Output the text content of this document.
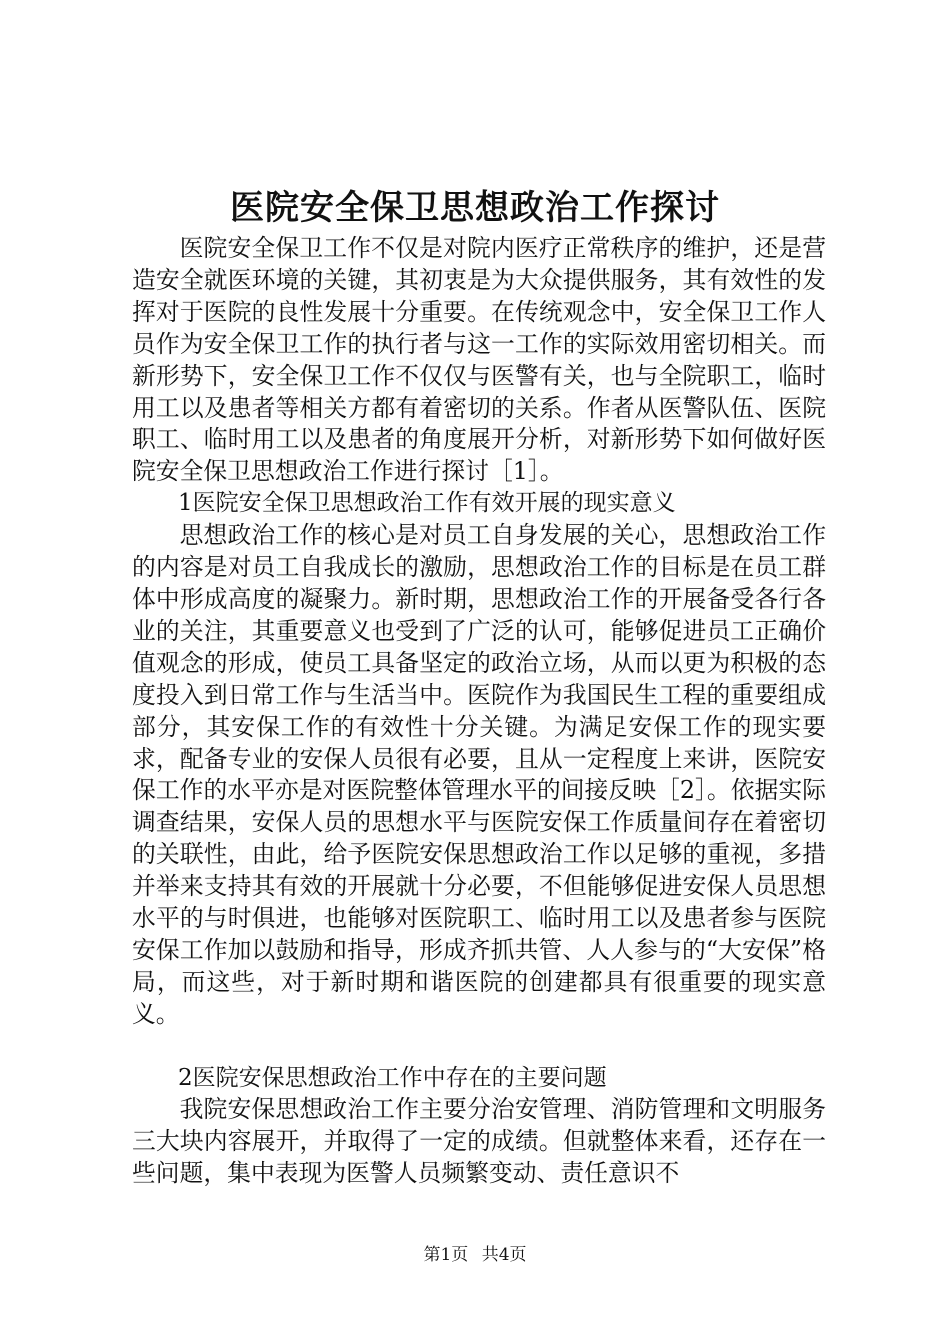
医院安全保卫思想政治工作探讨

医院安全保卫工作不仅是对院内医疗正常秩序的维护，还是营造安全就医环境的关键，其初衷是为大众提供服务，其有效性的发挥对于医院的良性发展十分重要。在传统观念中，安全保卫工作人员作为安全保卫工作的执行者与这一工作的实际效用密切相关。而新形势下，安全保卫工作不仅仅与医警有关，也与全院职工，临时用工以及患者等相关方都有着密切的关系。作者从医警队伍、医院职工、临时用工以及患者的角度展开分析，对新形势下如何做好医院安全保卫思想政治工作进行探讨［1］。

1医院安全保卫思想政治工作有效开展的现实意义

思想政治工作的核心是对员工自身发展的关心，思想政治工作的内容是对员工自我成长的激励，思想政治工作的目标是在员工群体中形成高度的凝聚力。新时期，思想政治工作的开展备受各行各业的关注，其重要意义也受到了广泛的认可，能够促进员工正确价值观念的形成，使员工具备坚定的政治立场，从而以更为积极的态度投入到日常工作与生活当中。医院作为我国民生工程的重要组成部分，其安保工作的有效性十分关键。为满足安保工作的现实要求，配备专业的安保人员很有必要，且从一定程度上来讲，医院安保工作的水平亦是对医院整体管理水平的间接反映［2］。依据实际调查结果，安保人员的思想水平与医院安保工作质量间存在着密切的关联性，由此，给予医院安保思想政治工作以足够的重视，多措并举来支持其有效的开展就十分必要，不但能够促进安保人员思想水平的与时俱进，也能够对医院职工、临时用工以及患者参与医院安保工作加以鼓励和指导，形成齐抓共管、人人参与的“大安保”格局，而这些，对于新时期和谐医院的创建都具有很重要的现实意义。

2医院安保思想政治工作中存在的主要问题

我院安保思想政治工作主要分治安管理、消防管理和文明服务三大块内容展开，并取得了一定的成绩。但就整体来看，还存在一些问题，集中表现为医警人员频繁变动、责任意识不

第1页 共4页
